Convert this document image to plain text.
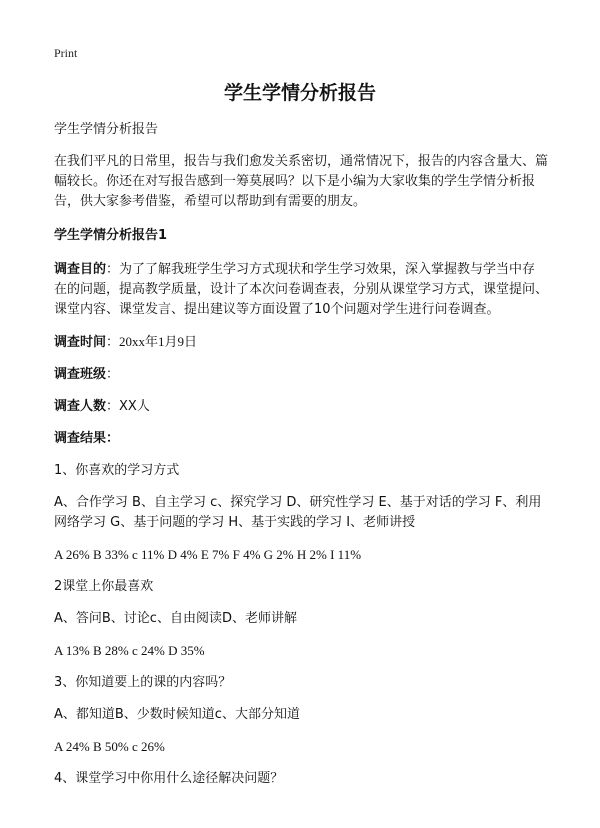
Print
学生学情分析报告

学生学情分析报告

在我们平凡的日常里，报告与我们愈发关系密切，通常情况下，报告的内容含量大、篇幅较长。你还在对写报告感到一筹莫展吗？以下是小编为大家收集的学生学情分析报告，供大家参考借鉴，希望可以帮助到有需要的朋友。

学生学情分析报告1

调查目的：为了了解我班学生学习方式现状和学生学习效果，深入掌握教与学当中存在的问题，提高教学质量，设计了本次问卷调查表，分别从课堂学习方式，课堂提问、课堂内容、课堂发言、提出建议等方面设置了10个问题对学生进行问卷调查。

调查时间：20xx年1月9日

调查班级：

调查人数：XX人

调查结果：

1、你喜欢的学习方式

A、合作学习 B、自主学习 c、探究学习 D、研究性学习 E、基于对话的学习 F、利用网络学习 G、基于问题的学习 H、基于实践的学习 I、老师讲授

A 26% B 33% c 11% D 4% E 7% F 4% G 2% H 2% I 11%

2课堂上你最喜欢

A、答问B、讨论c、自由阅读D、老师讲解

A 13% B 28% c 24% D 35%

3、你知道要上的课的内容吗？

A、都知道B、少数时候知道c、大部分知道

A 24% B 50% c 26%

4、课堂学习中你用什么途径解决问题？
